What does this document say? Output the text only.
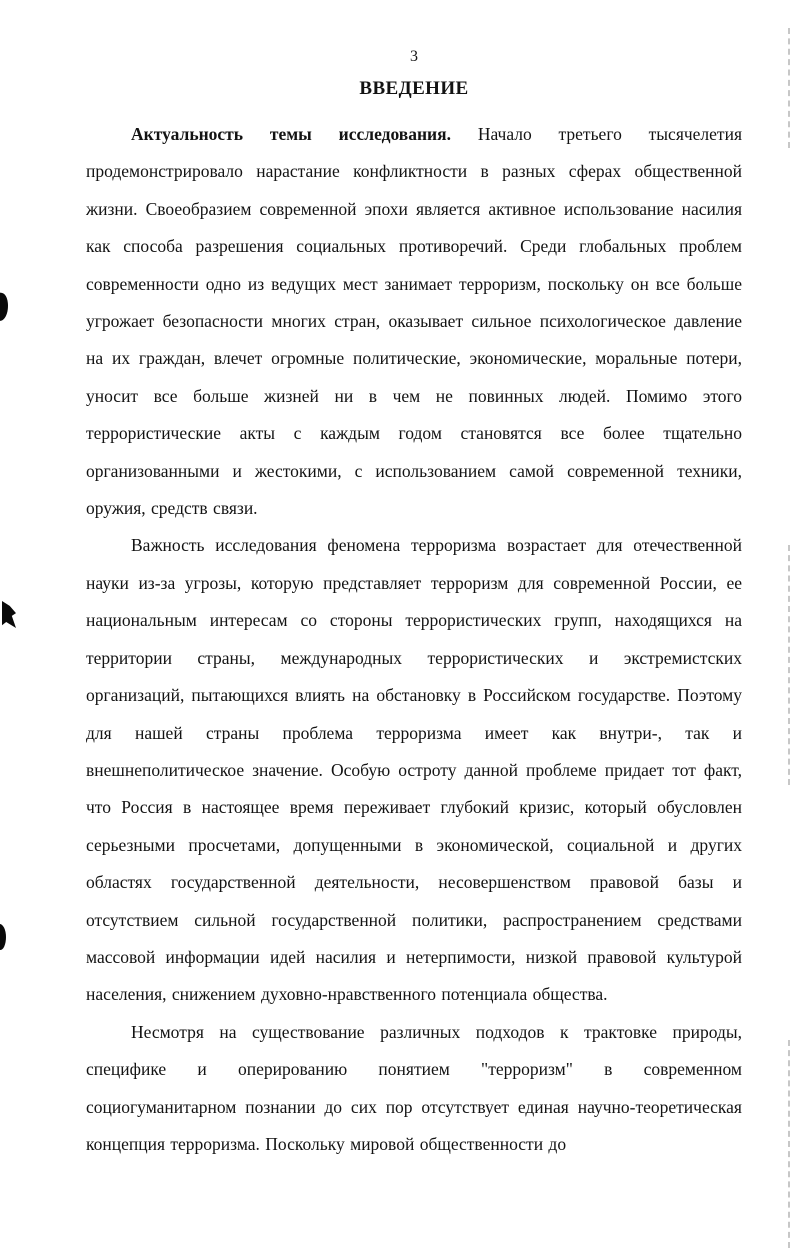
3
ВВЕДЕНИЕ

Актуальность темы исследования. Начало третьего тысячелетия продемонстрировало нарастание конфликтности в разных сферах общественной жизни. Своеобразием современной эпохи является активное использование насилия как способа разрешения социальных противоречий. Среди глобальных проблем современности одно из ведущих мест занимает терроризм, поскольку он все больше угрожает безопасности многих стран, оказывает сильное психологическое давление на их граждан, влечет огромные политические, экономические, моральные потери, уносит все больше жизней ни в чем не повинных людей. Помимо этого террористические акты с каждым годом становятся все более тщательно организованными и жестокими, с использованием самой современной техники, оружия, средств связи.

Важность исследования феномена терроризма возрастает для отечественной науки из-за угрозы, которую представляет терроризм для современной России, ее национальным интересам со стороны террористических групп, находящихся на территории страны, международных террористических и экстремистских организаций, пытающихся влиять на обстановку в Российском государстве. Поэтому для нашей страны проблема терроризма имеет как внутри-, так и внешнеполитическое значение. Особую остроту данной проблеме придает тот факт, что Россия в настоящее время переживает глубокий кризис, который обусловлен серьезными просчетами, допущенными в экономической, социальной и других областях государственной деятельности, несовершенством правовой базы и отсутствием сильной государственной политики, распространением средствами массовой информации идей насилия и нетерпимости, низкой правовой культурой населения, снижением духовно-нравственного потенциала общества.

Несмотря на существование различных подходов к трактовке природы, специфике и оперированию понятием "терроризм" в современном социогуманитарном познании до сих пор отсутствует единая научно-теоретическая концепция терроризма. Поскольку мировой общественности до
